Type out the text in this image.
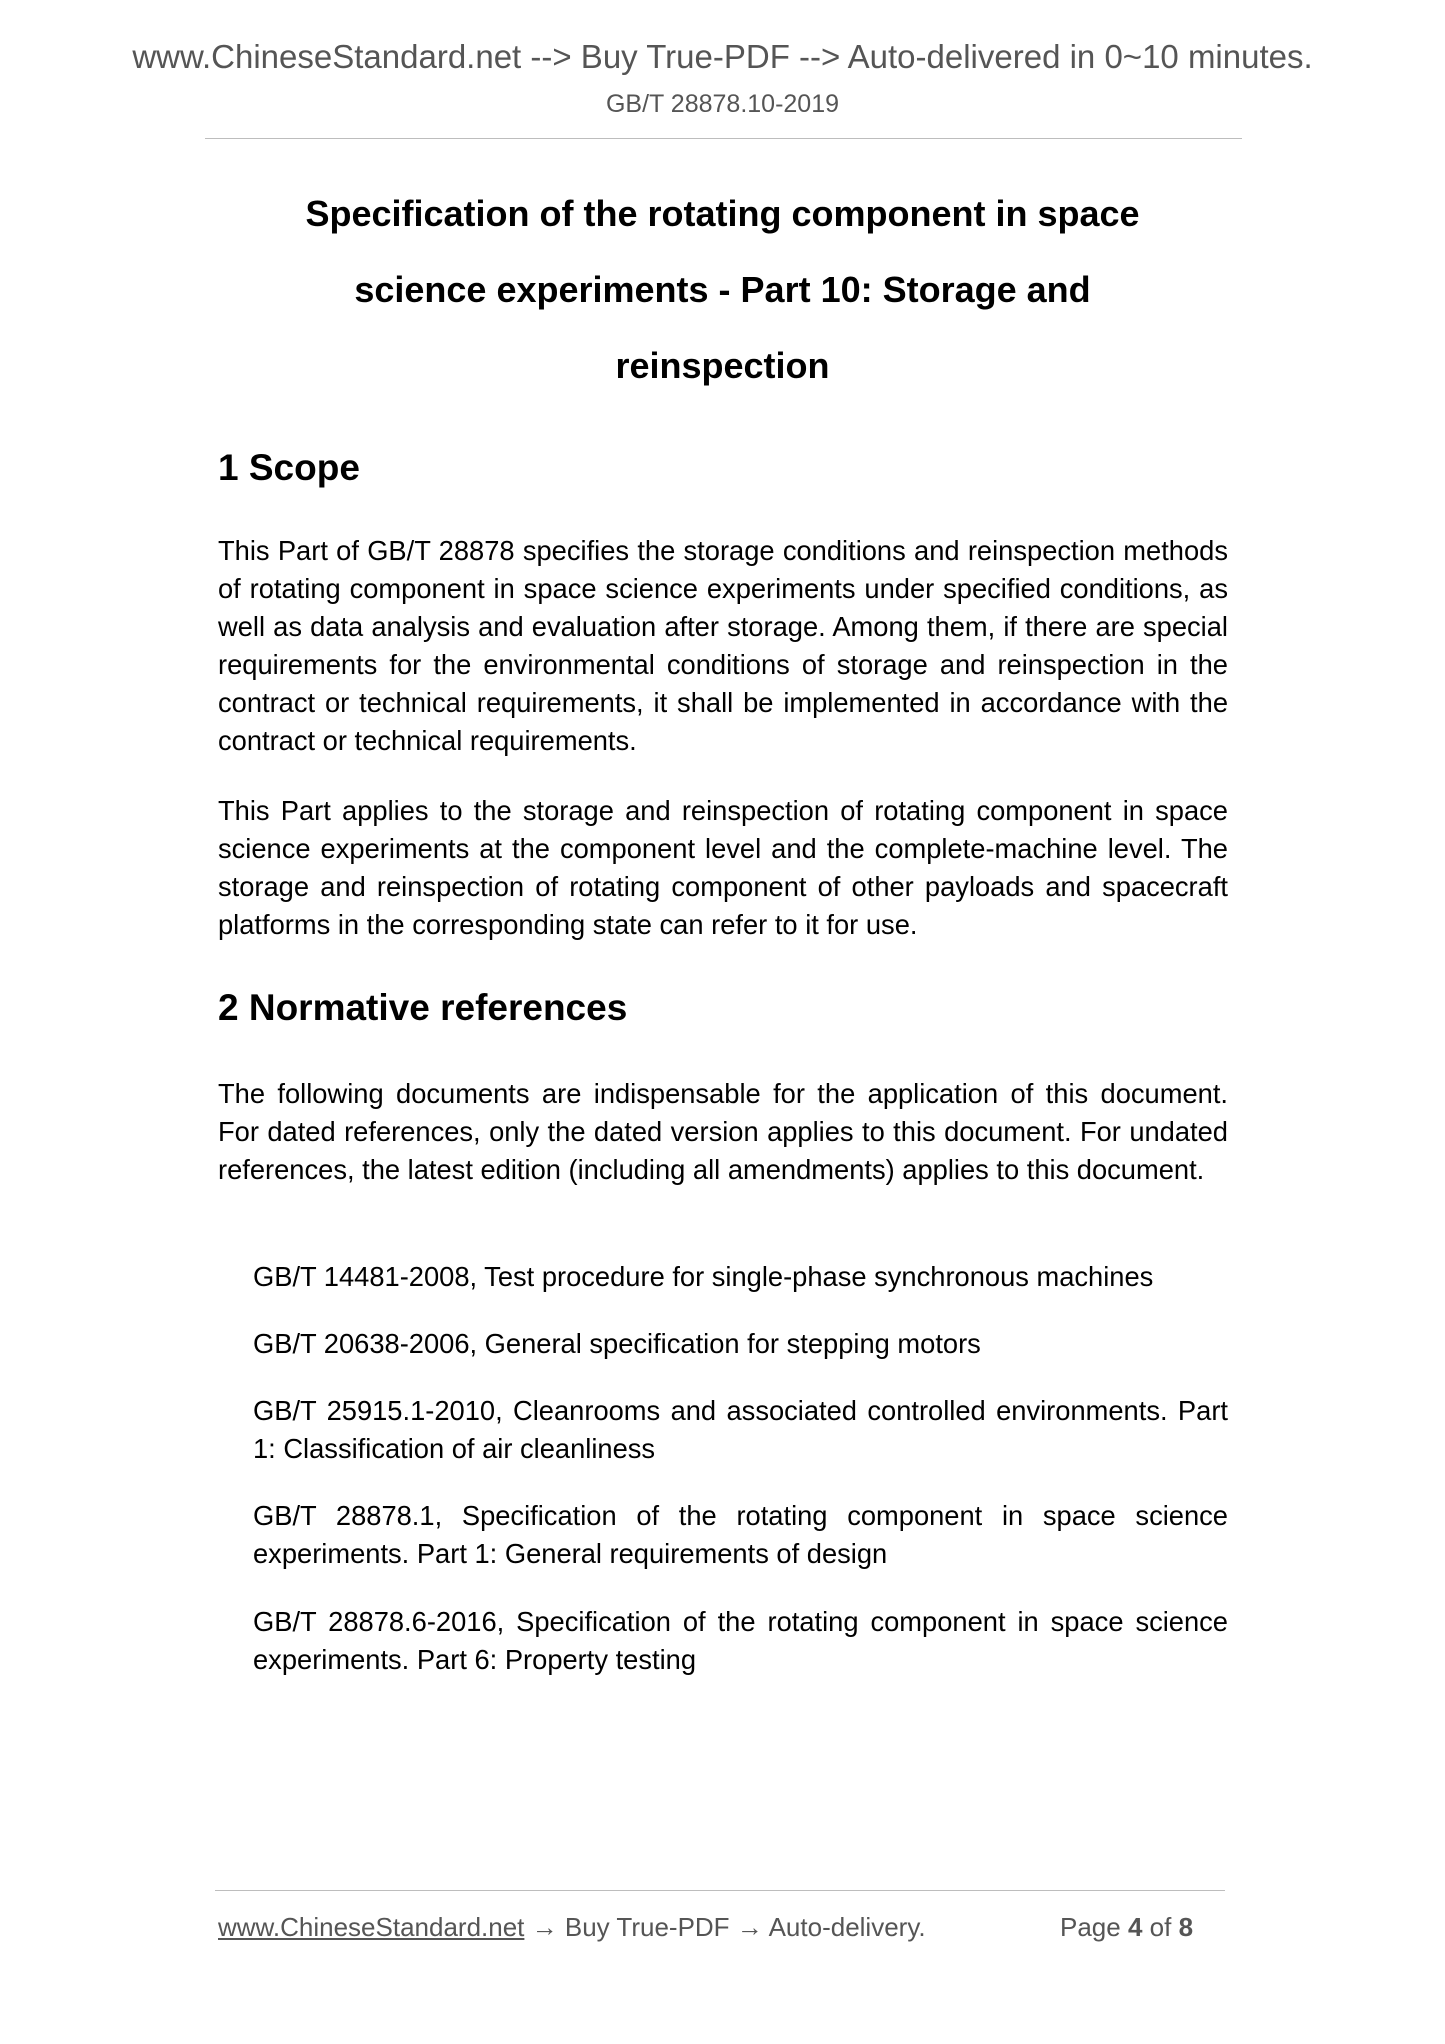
www.ChineseStandard.net --> Buy True-PDF --> Auto-delivered in 0~10 minutes.
GB/T 28878.10-2019
Specification of the rotating component in space
science experiments - Part 10: Storage and
reinspection
1 Scope

This Part of GB/T 28878 specifies the storage conditions and reinspection methods of rotating component in space science experiments under specified conditions, as well as data analysis and evaluation after storage. Among them, if there are special requirements for the environmental conditions of storage and reinspection in the contract or technical requirements, it shall be implemented in accordance with the contract or technical requirements.

This Part applies to the storage and reinspection of rotating component in space science experiments at the component level and the complete-machine level. The storage and reinspection of rotating component of other payloads and spacecraft platforms in the corresponding state can refer to it for use.

2 Normative references

The following documents are indispensable for the application of this document. For dated references, only the dated version applies to this document. For undated references, the latest edition (including all amendments) applies to this document.

GB/T 14481-2008, Test procedure for single-phase synchronous machines

GB/T 20638-2006, General specification for stepping motors

GB/T 25915.1-2010, Cleanrooms and associated controlled environments. Part 1: Classification of air cleanliness

GB/T 28878.1, Specification of the rotating component in space science experiments. Part 1: General requirements of design

GB/T 28878.6-2016, Specification of the rotating component in space science experiments. Part 6: Property testing

www.ChineseStandard.net → Buy True-PDF → Auto-delivery.	Page 4 of 8
